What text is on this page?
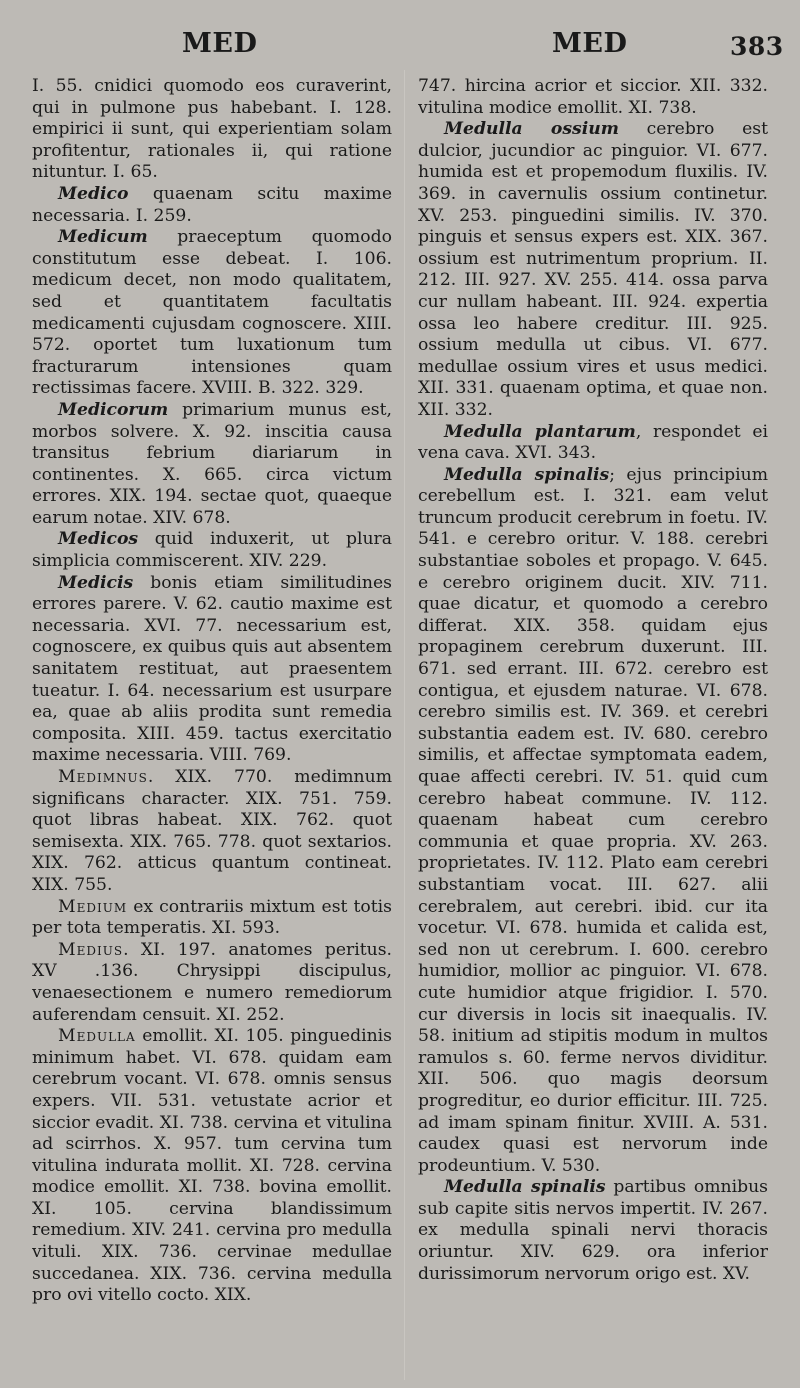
MED	MED	383

I. 55. cnidici quomodo eos curaverint, qui in pulmone pus habebant. I. 128. empirici ii sunt, qui experientiam solam profitentur, rationales ii, qui ratione nituntur. I. 65.

Medico quaenam scitu maxime necessaria. I. 259.

Medicum praeceptum quomodo constitutum esse debeat. I. 106. medicum decet, non modo qualitatem, sed et quantitatem facultatis medicamenti cujusdam cognoscere. XIII. 572. oportet tum luxationum tum fracturarum intensiones quam rectissimas facere. XVIII. B. 322. 329.

Medicorum primarium munus est, morbos solvere. X. 92. inscitia causa transitus febrium diariarum in continentes. X. 665. circa victum errores. XIX. 194. sectae quot, quaeque earum notae. XIV. 678.

Medicos quid induxerit, ut plura simplicia commiscerent. XIV. 229.

Medicis bonis etiam similitudines errores parere. V. 62. cautio maxime est necessaria. XVI. 77. necessarium est, cognoscere, ex quibus quis aut absentem sanitatem restituat, aut praesentem tueatur. I. 64. necessarium est usurpare ea, quae ab aliis prodita sunt remedia composita. XIII. 459. tactus exercitatio maxime necessaria. VIII. 769.

Medimnus. XIX. 770. medimnum significans character. XIX. 751. 759. quot libras habeat. XIX. 762. quot semisexta. XIX. 765. 778. quot sextarios. XIX. 762. atticus quantum contineat. XIX. 755.

Medium ex contrariis mixtum est totis per tota temperatis. XI. 593.

Medius. XI. 197. anatomes peritus. XV .136. Chrysippi discipulus, venaesectionem e numero remediorum auferendam censuit. XI. 252.

Medulla emollit. XI. 105. pinguedinis minimum habet. VI. 678. quidam eam cerebrum vocant. VI. 678. omnis sensus expers. VII. 531. vetustate acrior et siccior evadit. XI. 738. cervina et vitulina ad scirrhos. X. 957. tum cervina tum vitulina indurata mollit. XI. 728. cervina modice emollit. XI. 738. bovina emollit. XI. 105. cervina blandissimum remedium. XIV. 241. cervina pro medulla vituli. XIX. 736. cervinae medullae succedanea. XIX. 736. cervina medulla pro ovi vitello cocto. XIX.

747. hircina acrior et siccior. XII. 332. vitulina modice emollit. XI. 738.

Medulla ossium cerebro est dulcior, jucundior ac pinguior. VI. 677. humida est et propemodum fluxilis. IV. 369. in cavernulis ossium continetur. XV. 253. pinguedini similis. IV. 370. pinguis et sensus expers est. XIX. 367. ossium est nutrimentum proprium. II. 212. III. 927. XV. 255. 414. ossa parva cur nullam habeant. III. 924. expertia ossa leo habere creditur. III. 925. ossium medulla ut cibus. VI. 677. medullae ossium vires et usus medici. XII. 331. quaenam optima, et quae non. XII. 332.

Medulla plantarum, respondet ei vena cava. XVI. 343.

Medulla spinalis; ejus principium cerebellum est. I. 321. eam velut truncum producit cerebrum in foetu. IV. 541. e cerebro oritur. V. 188. cerebri substantiae soboles et propago. V. 645. e cerebro originem ducit. XIV. 711. quae dicatur, et quomodo a cerebro differat. XIX. 358. quidam ejus propaginem cerebrum duxerunt. III. 671. sed errant. III. 672. cerebro est contigua, et ejusdem naturae. VI. 678. cerebro similis est. IV. 369. et cerebri substantia eadem est. IV. 680. cerebro similis, et affectae symptomata eadem, quae affecti cerebri. IV. 51. quid cum cerebro habeat commune. IV. 112. quaenam habeat cum cerebro communia et quae propria. XV. 263. proprietates. IV. 112. Plato eam cerebri substantiam vocat. III. 627. alii cerebralem, aut cerebri. ibid. cur ita vocetur. VI. 678. humida et calida est, sed non ut cerebrum. I. 600. cerebro humidior, mollior ac pinguior. VI. 678. cute humidior atque frigidior. I. 570. cur diversis in locis sit inaequalis. IV. 58. initium ad stipitis modum in multos ramulos s. 60. ferme nervos dividitur. XII. 506. quo magis deorsum progreditur, eo durior efficitur. III. 725. ad imam spinam finitur. XVIII. A. 531. caudex quasi est nervorum inde prodeuntium. V. 530.

Medulla spinalis partibus omnibus sub capite sitis nervos impertit. IV. 267. ex medulla spinali nervi thoracis oriuntur. XIV. 629. ora inferior durissimorum nervorum origo est. XV.
